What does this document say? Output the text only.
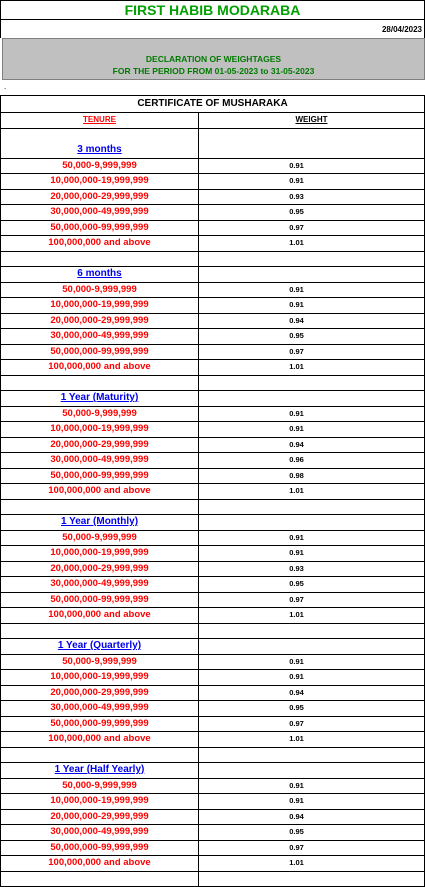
FIRST HABIB MODARABA
28/04/2023
DECLARATION OF WEIGHTAGES
FOR THE PERIOD FROM 01-05-2023 to 31-05-2023
.
CERTIFICATE OF MUSHARAKA
TENURE	WEIGHT
3 months
50,000-9,999,999	0.91
10,000,000-19,999,999	0.91
20,000,000-29,999,999	0.93
30,000,000-49,999,999	0.95
50,000,000-99,999,999	0.97
100,000,000 and above	1.01
6 months
50,000-9,999,999	0.91
10,000,000-19,999,999	0.91
20,000,000-29,999,999	0.94
30,000,000-49,999,999	0.95
50,000,000-99,999,999	0.97
100,000,000 and above	1.01
1 Year (Maturity)
50,000-9,999,999	0.91
10,000,000-19,999,999	0.91
20,000,000-29,999,999	0.94
30,000,000-49,999,999	0.96
50,000,000-99,999,999	0.98
100,000,000 and above	1.01
1 Year (Monthly)
50,000-9,999,999	0.91
10,000,000-19,999,999	0.91
20,000,000-29,999,999	0.93
30,000,000-49,999,999	0.95
50,000,000-99,999,999	0.97
100,000,000 and above	1.01
1 Year (Quarterly)
50,000-9,999,999	0.91
10,000,000-19,999,999	0.91
20,000,000-29,999,999	0.94
30,000,000-49,999,999	0.95
50,000,000-99,999,999	0.97
100,000,000 and above	1.01
1 Year (Half Yearly)
50,000-9,999,999	0.91
10,000,000-19,999,999	0.91
20,000,000-29,999,999	0.94
30,000,000-49,999,999	0.95
50,000,000-99,999,999	0.97
100,000,000 and above	1.01
